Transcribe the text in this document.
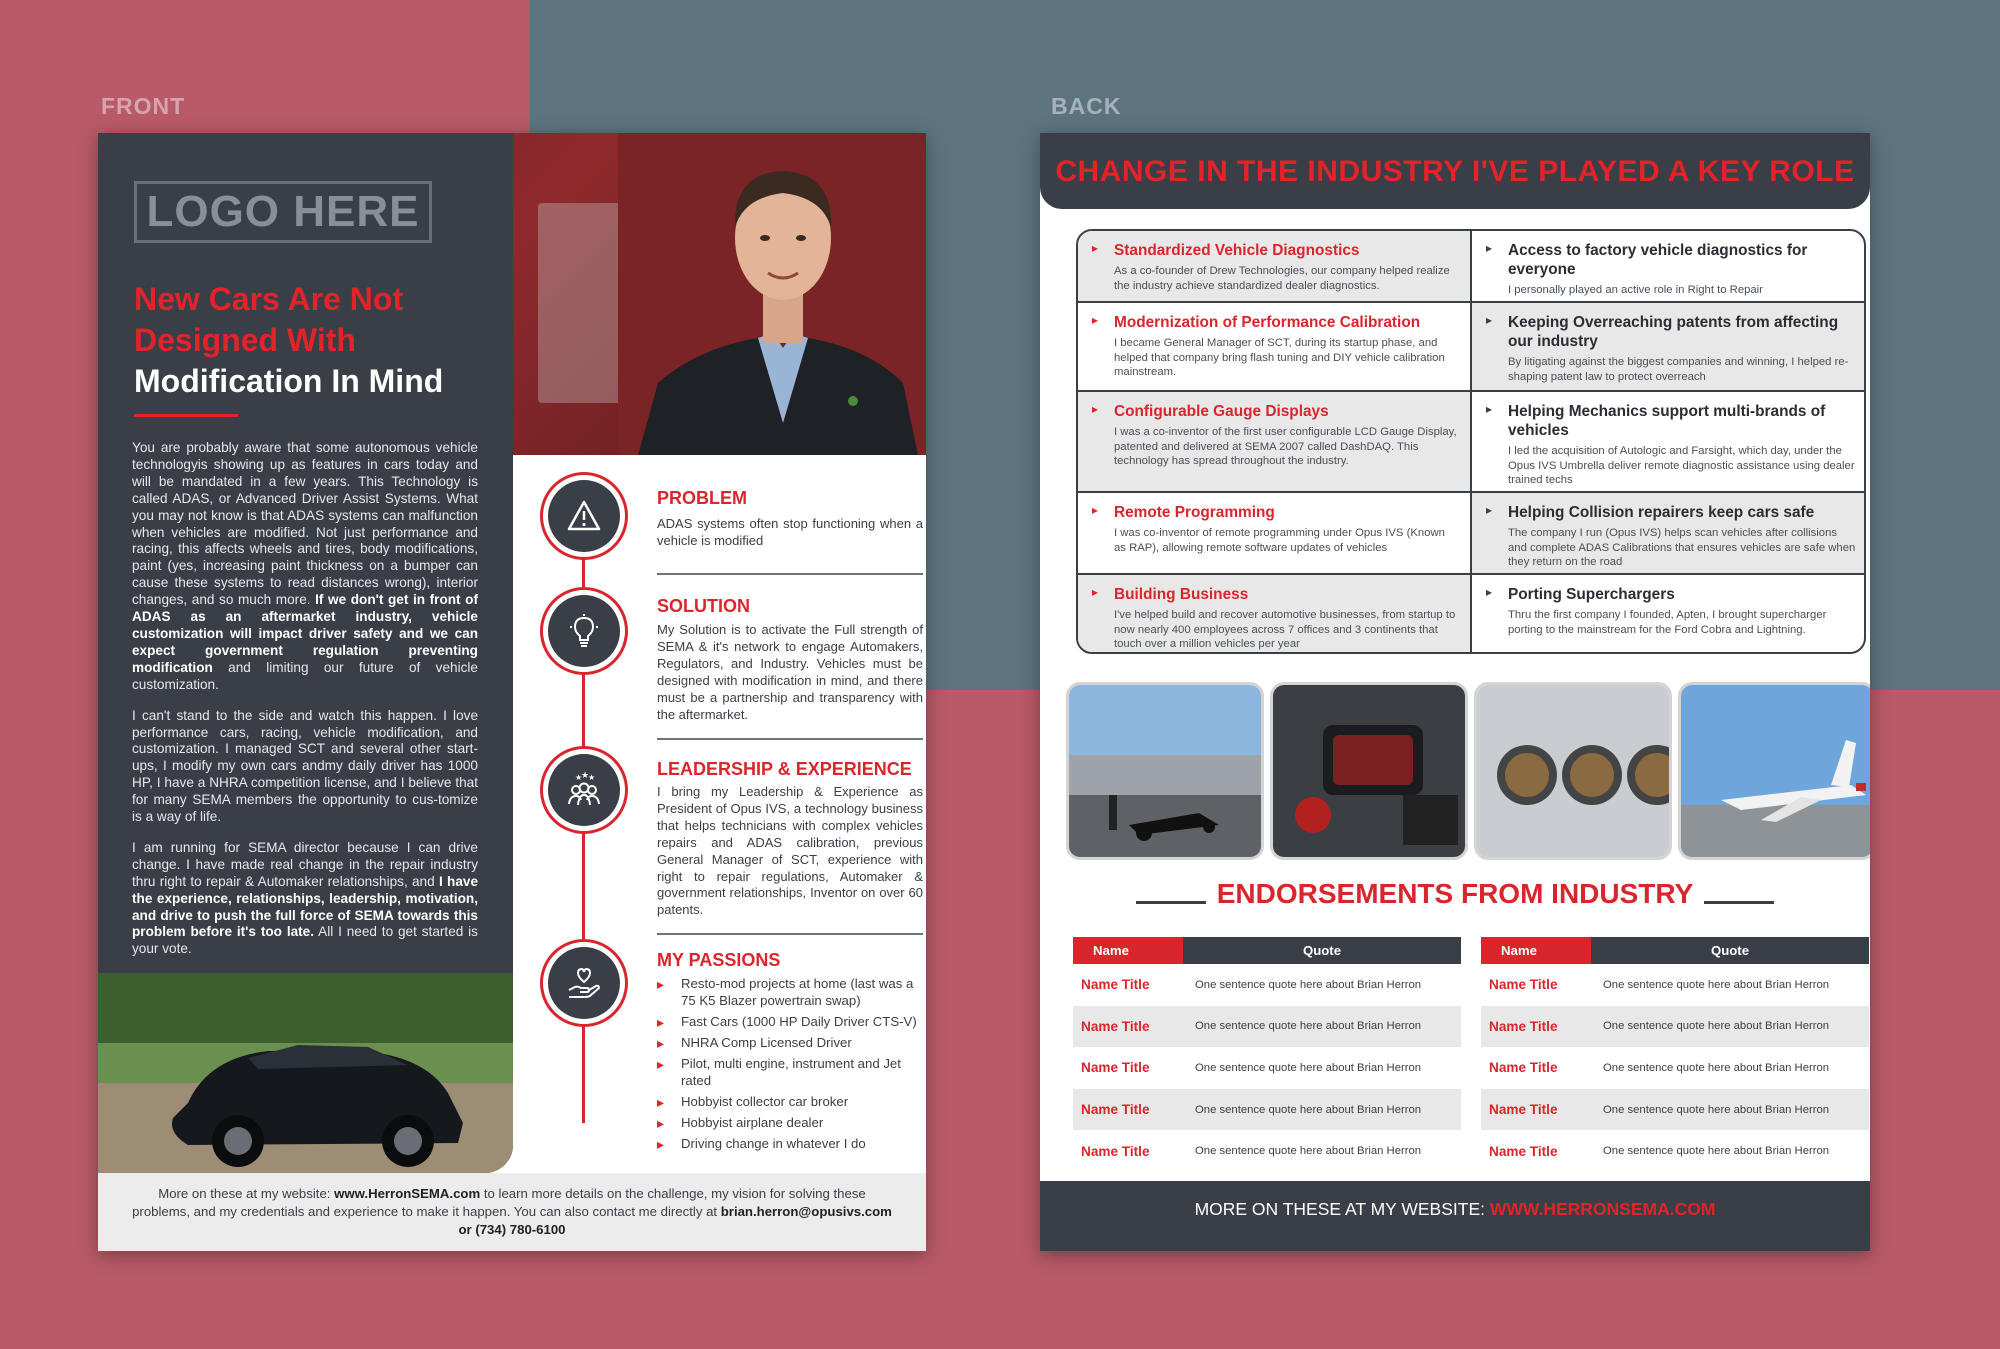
FRONT	BACK
LOGO HERE
New Cars Are Not
Designed With
Modification In Mind

You are probably aware that some autonomous vehicle technologyis showing up as features in cars today and will be mandated in a few years. This Technology is called ADAS, or Advanced Driver Assist Systems. What you may not know is that ADAS systems can malfunction when vehicles are modified. Not just performance and racing, this affects wheels and tires, body modifications, paint (yes, increasing paint thickness on a bumper can cause these systems to read distances wrong), interior changes, and so much more. If we don't get in front of ADAS as an aftermarket industry, vehicle customization will impact driver safety and we can expect government regulation preventing modification and limiting our future of vehicle customization.

I can't stand to the side and watch this happen. I love performance cars, racing, vehicle modification, and customization. I managed SCT and several other start-ups, I modify my own cars andmy daily driver has 1000 HP, I have a NHRA competition license, and I believe that for many SEMA members the opportunity to cus-tomize is a way of life.

I am running for SEMA director because I can drive change. I have made real change in the repair industry thru right to repair & Automaker relationships, and I have the experience, relationships, leadership, motivation, and drive to push the full force of SEMA towards this problem before it's too late. All I need to get started is your vote.

PROBLEM
ADAS systems often stop functioning when a vehicle is modified
SOLUTION
My Solution is to activate the Full strength of SEMA & it's network to engage Automakers, Regulators, and Industry. Vehicles must be designed with modification in mind, and there must be a partnership and transparency with the aftermarket.
★
★
★	LEADERSHIP & EXPERIENCE
I bring my Leadership & Experience as President of Opus IVS, a technology business that helps technicians with complex vehicles repairs and ADAS calibration, previous General Manager of SCT, experience with right to repair regulations, Automaker & government relationships, Inventor on over 60 patents.
MY PASSIONS
▸ Resto-mod projects at home (last was a 75 K5 Blazer powertrain swap)
▸ Fast Cars (1000 HP Daily Driver CTS-V)
▸ NHRA Comp Licensed Driver
▸ Pilot, multi engine, instrument and Jet rated
▸ Hobbyist collector car broker
▸ Hobbyist airplane dealer
▸ Driving change in whatever I do
More on these at my website: www.HerronSEMA.com to learn more details on the challenge, my vision for solving these problems, and my credentials and experience to make it happen. You can also contact me directly at brian.herron@opusivs.com or (734) 780-6100
CHANGE IN THE INDUSTRY I'VE PLAYED A KEY ROLE
▸ Standardized Vehicle Diagnostics
As a co-founder of Drew Technologies, our company helped realize the industry achieve standardized dealer diagnostics.
▸ Access to factory vehicle diagnostics for everyone
I personally played an active role in Right to Repair
▸ Modernization of Performance Calibration
I became General Manager of SCT, during its startup phase, and helped that company bring flash tuning and DIY vehicle calibration mainstream.
▸ Keeping Overreaching patents from affecting our industry
By litigating against the biggest companies and winning, I helped re-shaping patent law to protect overreach
▸ Configurable Gauge Displays
I was a co-inventor of the first user configurable LCD Gauge Display, patented and delivered at SEMA 2007 called DashDAQ. This technology has spread throughout the industry.
▸ Helping Mechanics support multi-brands of vehicles
I led the acquisition of Autologic and Farsight, which day, under the Opus IVS Umbrella deliver remote diagnostic assistance using dealer trained techs
▸ Remote Programming
I was co-inventor of remote programming under Opus IVS (Known as RAP), allowing remote software updates of vehicles
▸ Helping Collision repairers keep cars safe
The company I run (Opus IVS) helps scan vehicles after collisions and complete ADAS Calibrations that ensures vehicles are safe when they return on the road
▸ Building Business
I've helped build and recover automotive businesses, from startup to now nearly 400 employees across 7 offices and 3 continents that touch over a million vehicles per year
▸ Porting Superchargers
Thru the first company I founded, Apten, I brought supercharger porting to the mainstream for the Ford Cobra and Lightning.
ENDORSEMENTS FROM INDUSTRY
Name	Quote
Name Title	One sentence quote here about Brian Herron
Name Title	One sentence quote here about Brian Herron
Name Title	One sentence quote here about Brian Herron
Name Title	One sentence quote here about Brian Herron
Name Title	One sentence quote here about Brian Herron
Name	Quote
Name Title	One sentence quote here about Brian Herron
Name Title	One sentence quote here about Brian Herron
Name Title	One sentence quote here about Brian Herron
Name Title	One sentence quote here about Brian Herron
Name Title	One sentence quote here about Brian Herron
MORE ON THESE AT MY WEBSITE: WWW.HERRONSEMA.COM
